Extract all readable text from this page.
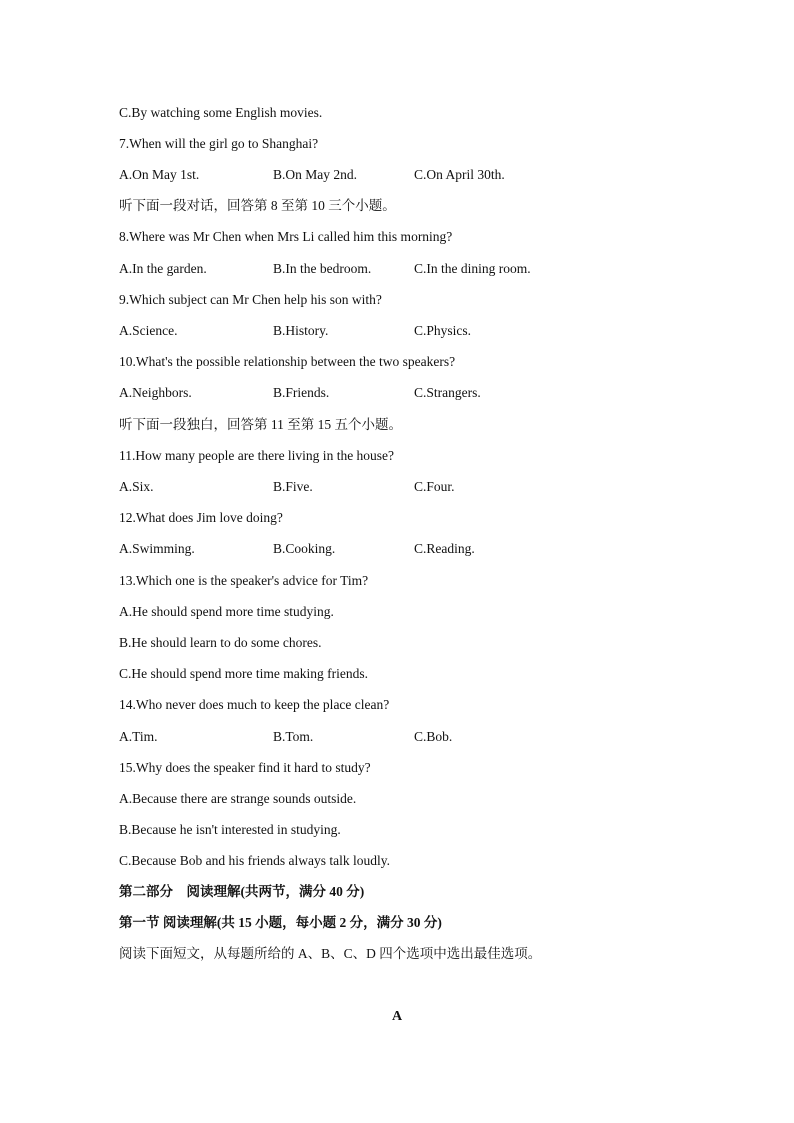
C.By watching some English movies.
7.When will the girl go to Shanghai?
A.On May 1st.	B.On May 2nd.	C.On April 30th.
听下面一段对话，回答第 8 至第 10 三个小题。
8.Where was Mr Chen when Mrs Li called him this morning?
A.In the garden.	B.In the bedroom.	C.In the dining room.
9.Which subject can Mr Chen help his son with?
A.Science.	B.History.	C.Physics.
10.What's the possible relationship between the two speakers?
A.Neighbors.	B.Friends.	C.Strangers.
听下面一段独白，回答第 11 至第 15 五个小题。
11.How many people are there living in the house?
A.Six.	B.Five.	C.Four.
12.What does Jim love doing?
A.Swimming.	B.Cooking.	C.Reading.
13.Which one is the speaker's advice for Tim?
A.He should spend more time studying.
B.He should learn to do some chores.
C.He should spend more time making friends.
14.Who never does much to keep the place clean?
A.Tim.	B.Tom.	C.Bob.
15.Why does the speaker find it hard to study?
A.Because there are strange sounds outside.
B.Because he isn't interested in studying.
C.Because Bob and his friends always talk loudly.
第二部分　阅读理解(共两节，满分 40 分)
第一节 阅读理解(共 15 小题，每小题 2 分，满分 30 分)
阅读下面短文，从每题所给的 A、B、C、D 四个选项中选出最佳选项。
A
